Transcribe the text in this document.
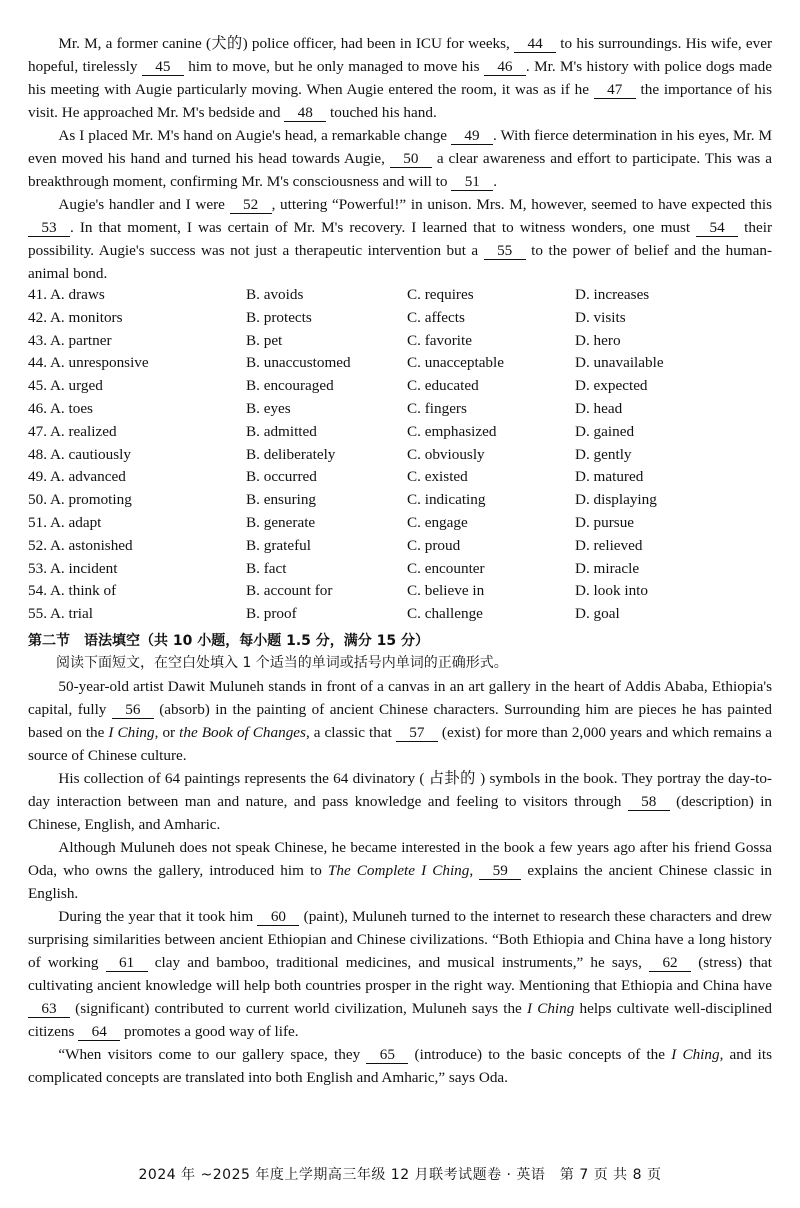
Mr. M, a former canine (犬的) police officer, had been in ICU for weeks, 44 to his surroundings. His wife, ever hopeful, tirelessly 45 him to move, but he only managed to move his 46 . Mr. M's history with police dogs made his meeting with Augie particularly moving. When Augie entered the room, it was as if he 47 the importance of his visit. He approached Mr. M's bedside and 48 touched his hand.

As I placed Mr. M's hand on Augie's head, a remarkable change 49 . With fierce determination in his eyes, Mr. M even moved his hand and turned his head towards Augie, 50 a clear awareness and effort to participate. This was a breakthrough moment, confirming Mr. M's consciousness and will to 51 .

Augie's handler and I were 52 , uttering “Powerful!” in unison. Mrs. M, however, seemed to have expected this 53 . In that moment, I was certain of Mr. M's recovery. I learned that to witness wonders, one must 54 their possibility. Augie's success was not just a therapeutic intervention but a 55 to the power of belief and the human-animal bond.

41. A. draws	B. avoids	C. requires	D. increases
42. A. monitors	B. protects	C. affects	D. visits
43. A. partner	B. pet	C. favorite	D. hero
44. A. unresponsive	B. unaccustomed	C. unacceptable	D. unavailable
45. A. urged	B. encouraged	C. educated	D. expected
46. A. toes	B. eyes	C. fingers	D. head
47. A. realized	B. admitted	C. emphasized	D. gained
48. A. cautiously	B. deliberately	C. obviously	D. gently
49. A. advanced	B. occurred	C. existed	D. matured
50. A. promoting	B. ensuring	C. indicating	D. displaying
51. A. adapt	B. generate	C. engage	D. pursue
52. A. astonished	B. grateful	C. proud	D. relieved
53. A. incident	B. fact	C. encounter	D. miracle
54. A. think of	B. account for	C. believe in	D. look into
55. A. trial	B. proof	C. challenge	D. goal
第二节　语法填空（共 10 小题，每小题 1.5 分，满分 15 分）

阅读下面短文，在空白处填入 1 个适当的单词或括号内单词的正确形式。

50-year-old artist Dawit Muluneh stands in front of a canvas in an art gallery in the heart of Addis Ababa, Ethiopia's capital, fully 56 (absorb) in the painting of ancient Chinese characters. Surrounding him are pieces he has painted based on the I Ching, or the Book of Changes, a classic that 57 (exist) for more than 2,000 years and which remains a source of Chinese culture.

His collection of 64 paintings represents the 64 divinatory ( 占卦的 ) symbols in the book. They portray the day-to-day interaction between man and nature, and pass knowledge and feeling to visitors through 58 (description) in Chinese, English, and Amharic.

Although Muluneh does not speak Chinese, he became interested in the book a few years ago after his friend Gossa Oda, who owns the gallery, introduced him to The Complete I Ching, 59 explains the ancient Chinese classic in English.

During the year that it took him 60 (paint), Muluneh turned to the internet to research these characters and drew surprising similarities between ancient Ethiopian and Chinese civilizations. “Both Ethiopia and China have a long history of working 61 clay and bamboo, traditional medicines, and musical instruments,” he says, 62 (stress) that cultivating ancient knowledge will help both countries prosper in the right way. Mentioning that Ethiopia and China have 63 (significant) contributed to current world civilization, Muluneh says the I Ching helps cultivate well-disciplined citizens 64 promotes a good way of life.

“When visitors come to our gallery space, they 65 (introduce) to the basic concepts of the I Ching, and its complicated concepts are translated into both English and Amharic,” says Oda.

2024 年 ~2025 年度上学期高三年级 12 月联考试题卷 · 英语　第 7 页 共 8 页
